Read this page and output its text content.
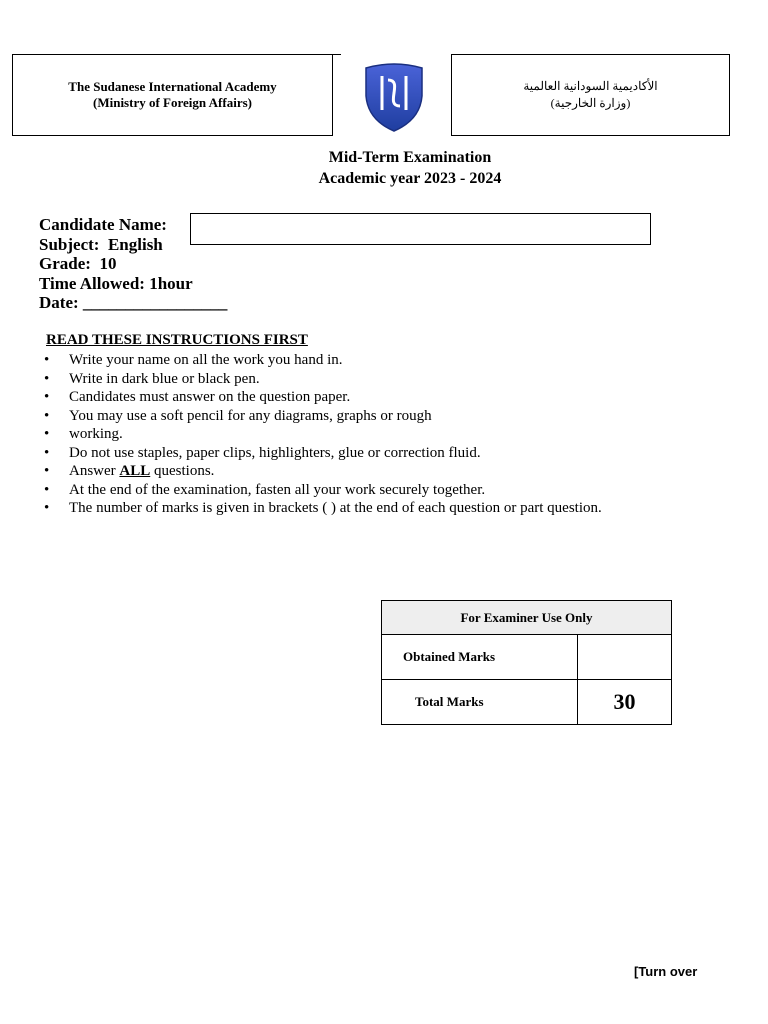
The Sudanese International Academy
(Ministry of Foreign Affairs)
الأكاديمية السودانية العالمية
(وزارة الخارجية)
Mid-Term Examination
Academic year 2023 - 2024
Candidate Name:
Subject: English
Grade: 10
Time Allowed: 1hour
Date: _________________
READ THESE INSTRUCTIONS FIRST
• Write your name on all the work you hand in.
• Write in dark blue or black pen.
• Candidates must answer on the question paper.
• You may use a soft pencil for any diagrams, graphs or rough
• working.
• Do not use staples, paper clips, highlighters, glue or correction fluid.
• Answer ALL questions.
• At the end of the examination, fasten all your work securely together.
• The number of marks is given in brackets ( ) at the end of each question or part question.
For Examiner Use Only	
Obtained Marks	
Total Marks	30
[Turn over
